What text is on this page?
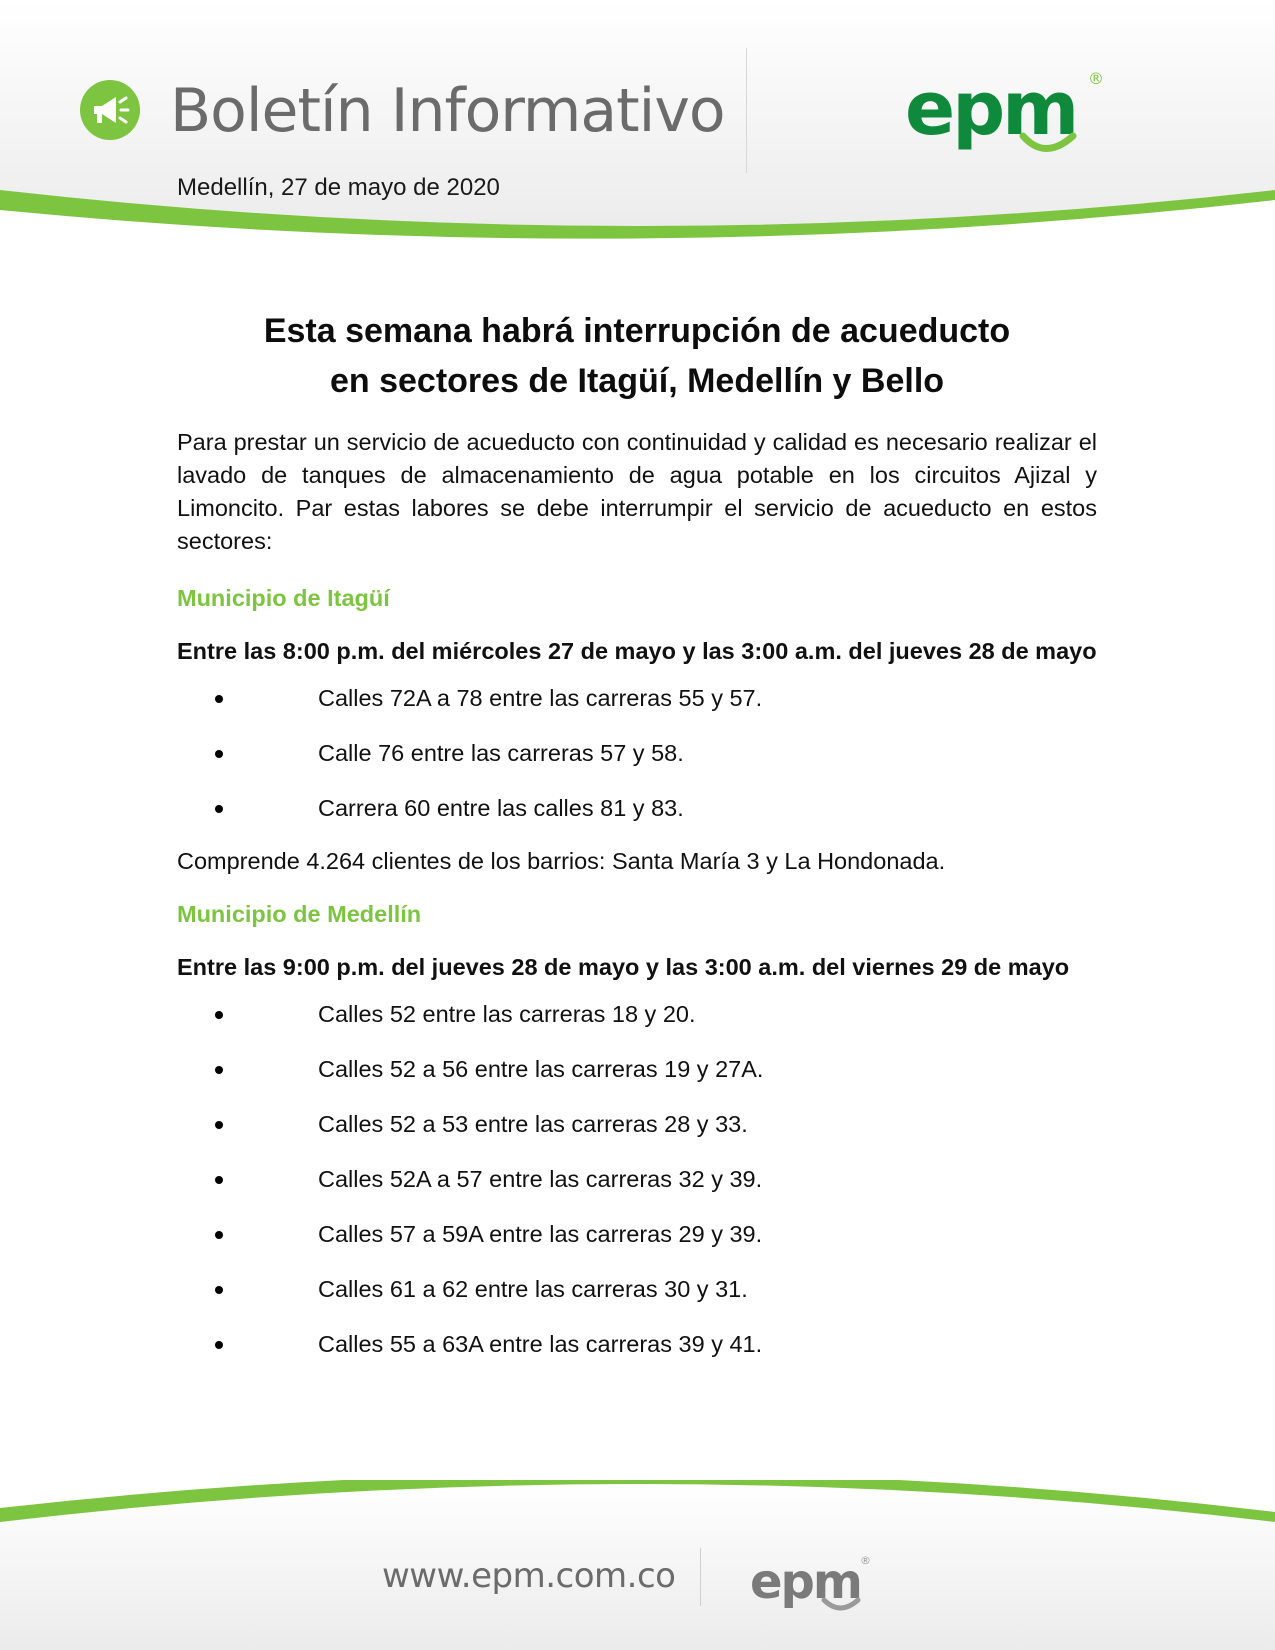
Boletín Informativo epm ®
Medellín, 27 de mayo de 2020
Esta semana habrá interrupción de acueducto
en sectores de Itagüí, Medellín y Bello

Para prestar un servicio de acueducto con continuidad y calidad es necesario realizar el lavado de tanques de almacenamiento de agua potable en los circuitos Ajizal y Limoncito. Par estas labores se debe interrumpir el servicio de acueducto en estos sectores:

Municipio de Itagüí
Entre las 8:00 p.m. del miércoles 27 de mayo y las 3:00 a.m. del jueves 28 de mayo
Calles 72A a 78 entre las carreras 55 y 57.
Calle 76 entre las carreras 57 y 58.
Carrera 60 entre las calles 81 y 83.
Comprende 4.264 clientes de los barrios: Santa María 3 y La Hondonada.
Municipio de Medellín
Entre las 9:00 p.m. del jueves 28 de mayo y las 3:00 a.m. del viernes 29 de mayo
Calles 52 entre las carreras 18 y 20.
Calles 52 a 56 entre las carreras 19 y 27A.
Calles 52 a 53 entre las carreras 28 y 33.
Calles 52A a 57 entre las carreras 32 y 39.
Calles 57 a 59A entre las carreras 29 y 39.
Calles 61 a 62 entre las carreras 30 y 31.
Calles 55 a 63A entre las carreras 39 y 41.
www.epm.com.co epm ®
